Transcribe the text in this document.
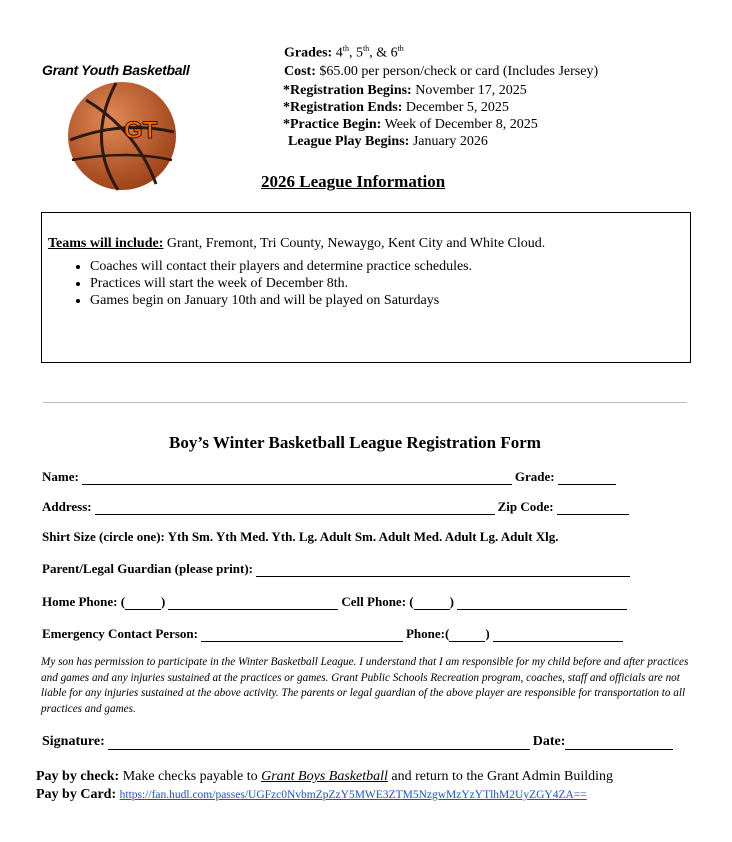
Grant Youth Basketball
GT
Grades: 4th, 5th, & 6th
Cost: $65.00 per person/check or card (Includes Jersey)
*Registration Begins: November 17, 2025
*Registration Ends: December 5, 2025
*Practice Begin: Week of December 8, 2025
League Play Begins: January 2026
2026 League Information
Teams will include: Grant, Fremont, Tri County, Newaygo, Kent City and White Cloud.
• Coaches will contact their players and determine practice schedules.
• Practices will start the week of December 8th.
• Games begin on January 10th and will be played on Saturdays
Boy’s Winter Basketball League Registration Form
Name:	Grade:
Address:	Zip Code:
Shirt Size (circle one): Yth Sm. Yth Med. Yth. Lg. Adult Sm. Adult Med. Adult Lg. Adult Xlg.
Parent/Legal Guardian (please print):
Home Phone: (	)	Cell Phone: (	)
Emergency Contact Person:	Phone:(	)
My son has permission to participate in the Winter Basketball League. I understand that I am responsible for my child before and after practices and games and any injuries sustained at the practices or games. Grant Public Schools Recreation program, coaches, staff and officials are not liable for any injuries sustained at the above activity. The parents or legal guardian of the above player are responsible for transportation to all practices and games.
Signature:	Date:
Pay by check: Make checks payable to Grant Boys Basketball and return to the Grant Admin Building
Pay by Card: https://fan.hudl.com/passes/UGFzc0NvbmZpZzY5MWE3ZTM5NzgwMzYzYTlhM2UyZGY4ZA==
